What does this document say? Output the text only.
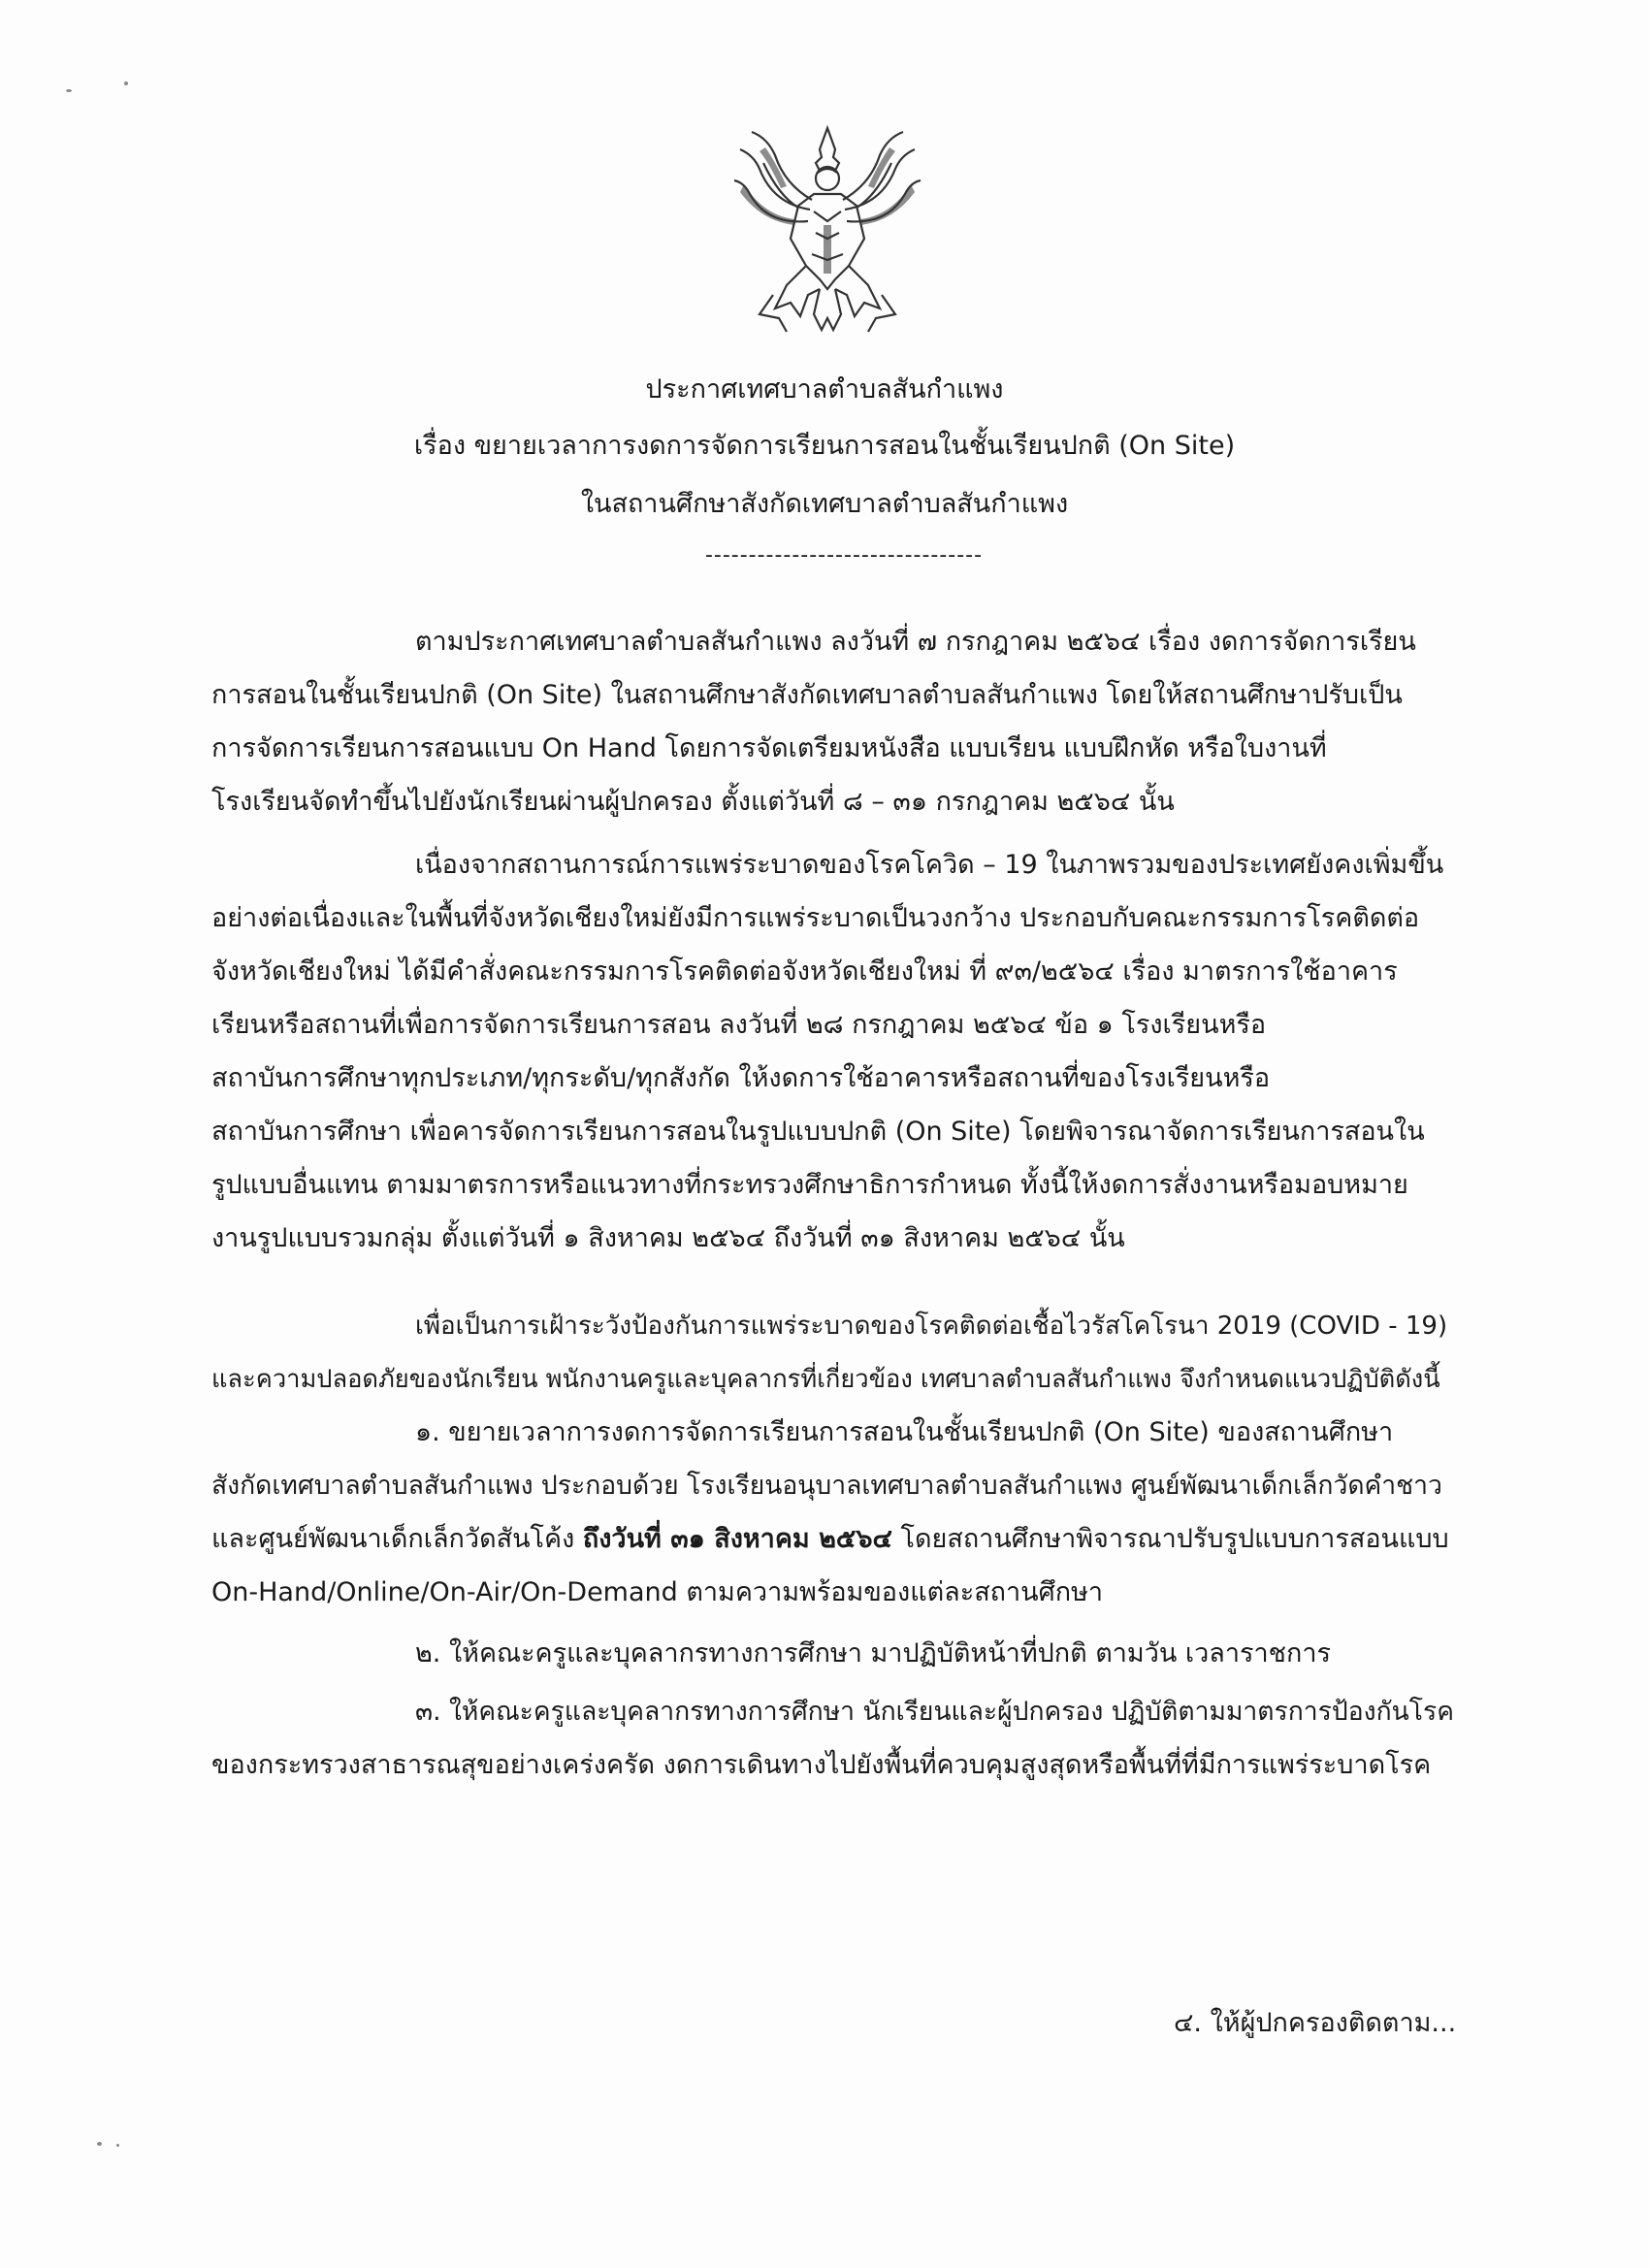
ประกาศเทศบาลตำบลสันกำแพง
เรื่อง ขยายเวลาการงดการจัดการเรียนการสอนในชั้นเรียนปกติ (On Site)
ในสถานศึกษาสังกัดเทศบาลตำบลสันกำแพง
--------------------------------
ตามประกาศเทศบาลตำบลสันกำแพง ลงวันที่ ๗ กรกฎาคม ๒๕๖๔ เรื่อง งดการจัดการเรียน
การสอนในชั้นเรียนปกติ (On Site) ในสถานศึกษาสังกัดเทศบาลตำบลสันกำแพง โดยให้สถานศึกษาปรับเป็น
การจัดการเรียนการสอนแบบ On Hand โดยการจัดเตรียมหนังสือ แบบเรียน แบบฝึกหัด หรือใบงานที่
โรงเรียนจัดทำขึ้นไปยังนักเรียนผ่านผู้ปกครอง ตั้งแต่วันที่ ๘ – ๓๑ กรกฎาคม ๒๕๖๔ นั้น
เนื่องจากสถานการณ์การแพร่ระบาดของโรคโควิด – 19 ในภาพรวมของประเทศยังคงเพิ่มขึ้น
อย่างต่อเนื่องและในพื้นที่จังหวัดเชียงใหม่ยังมีการแพร่ระบาดเป็นวงกว้าง ประกอบกับคณะกรรมการโรคติดต่อ
จังหวัดเชียงใหม่ ได้มีคำสั่งคณะกรรมการโรคติดต่อจังหวัดเชียงใหม่ ที่ ๙๓/๒๕๖๔ เรื่อง มาตรการใช้อาคาร
เรียนหรือสถานที่เพื่อการจัดการเรียนการสอน ลงวันที่ ๒๘ กรกฎาคม ๒๕๖๔ ข้อ ๑ โรงเรียนหรือ
สถาบันการศึกษาทุกประเภท/ทุกระดับ/ทุกสังกัด ให้งดการใช้อาคารหรือสถานที่ของโรงเรียนหรือ
สถาบันการศึกษา เพื่อคารจัดการเรียนการสอนในรูปแบบปกติ (On Site) โดยพิจารณาจัดการเรียนการสอนใน
รูปแบบอื่นแทน ตามมาตรการหรือแนวทางที่กระทรวงศึกษาธิการกำหนด ทั้งนี้ให้งดการสั่งงานหรือมอบหมาย
งานรูปแบบรวมกลุ่ม ตั้งแต่วันที่ ๑ สิงหาคม ๒๕๖๔ ถึงวันที่ ๓๑ สิงหาคม ๒๕๖๔ นั้น
เพื่อเป็นการเฝ้าระวังป้องกันการแพร่ระบาดของโรคติดต่อเชื้อไวรัสโคโรนา 2019 (COVID - 19)
และความปลอดภัยของนักเรียน พนักงานครูและบุคลากรที่เกี่ยวข้อง เทศบาลตำบลสันกำแพง จึงกำหนดแนวปฏิบัติดังนี้
๑. ขยายเวลาการงดการจัดการเรียนการสอนในชั้นเรียนปกติ (On Site) ของสถานศึกษา
สังกัดเทศบาลตำบลสันกำแพง ประกอบด้วย โรงเรียนอนุบาลเทศบาลตำบลสันกำแพง ศูนย์พัฒนาเด็กเล็กวัดคำชาว
และศูนย์พัฒนาเด็กเล็กวัดสันโค้ง ถึงวันที่ ๓๑ สิงหาคม ๒๕๖๔ โดยสถานศึกษาพิจารณาปรับรูปแบบการสอนแบบ
On-Hand/Online/On-Air/On-Demand ตามความพร้อมของแต่ละสถานศึกษา
๒. ให้คณะครูและบุคลากรทางการศึกษา มาปฏิบัติหน้าที่ปกติ ตามวัน เวลาราชการ
๓. ให้คณะครูและบุคลากรทางการศึกษา นักเรียนและผู้ปกครอง ปฏิบัติตามมาตรการป้องกันโรค
ของกระทรวงสาธารณสุขอย่างเคร่งครัด งดการเดินทางไปยังพื้นที่ควบคุมสูงสุดหรือพื้นที่ที่มีการแพร่ระบาดโรค
๔. ให้ผู้ปกครองติดตาม...
